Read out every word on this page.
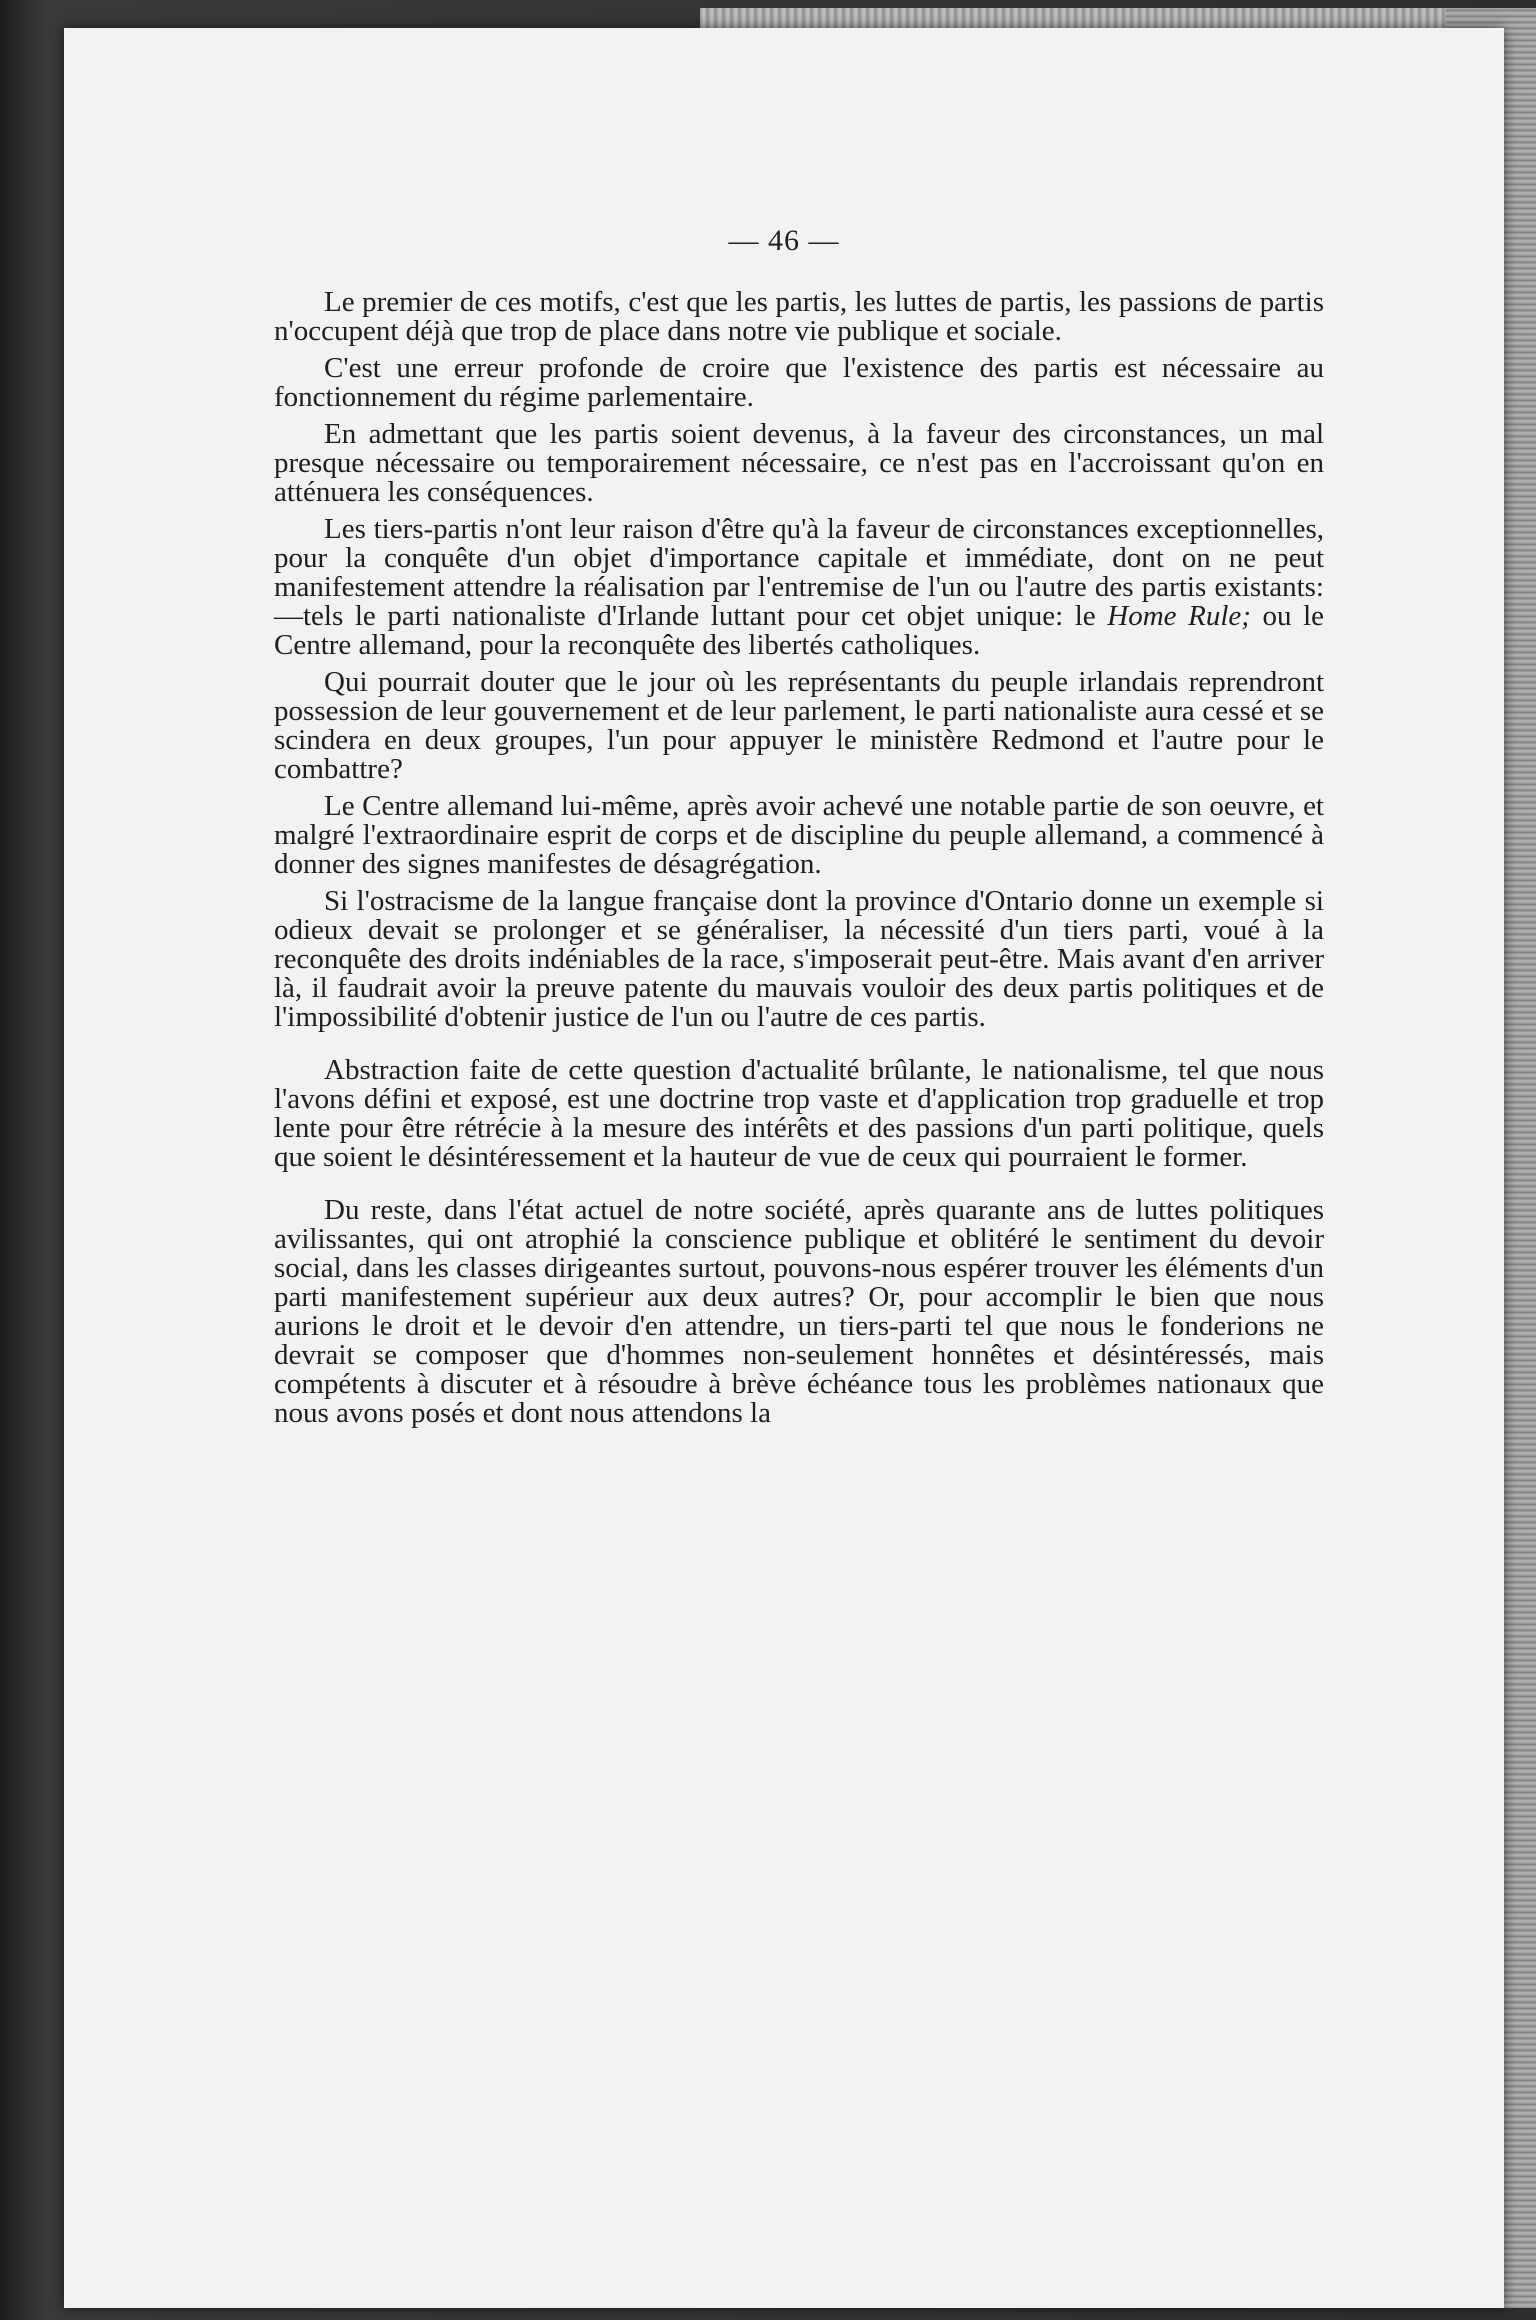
— 46 —

Le premier de ces motifs, c'est que les partis, les luttes de partis, les passions de partis n'occupent déjà que trop de place dans notre vie publique et sociale.

C'est une erreur profonde de croire que l'existence des partis est nécessaire au fonctionnement du régime parlementaire.

En admettant que les partis soient devenus, à la faveur des circonstances, un mal presque nécessaire ou temporairement nécessaire, ce n'est pas en l'accroissant qu'on en atténuera les conséquences.

Les tiers-partis n'ont leur raison d'être qu'à la faveur de circonstances exceptionnelles, pour la conquête d'un objet d'importance capitale et immédiate, dont on ne peut manifestement attendre la réalisation par l'entremise de l'un ou l'autre des partis existants: —tels le parti nationaliste d'Irlande luttant pour cet objet unique: le Home Rule; ou le Centre allemand, pour la reconquête des libertés catholiques.

Qui pourrait douter que le jour où les représentants du peuple irlandais reprendront possession de leur gouvernement et de leur parlement, le parti nationaliste aura cessé et se scindera en deux groupes, l'un pour appuyer le ministère Redmond et l'autre pour le combattre?

Le Centre allemand lui-même, après avoir achevé une notable partie de son oeuvre, et malgré l'extraordinaire esprit de corps et de discipline du peuple allemand, a commencé à donner des signes manifestes de désagrégation.

Si l'ostracisme de la langue française dont la province d'Ontario donne un exemple si odieux devait se prolonger et se généraliser, la nécessité d'un tiers parti, voué à la reconquête des droits indéniables de la race, s'imposerait peut-être. Mais avant d'en arriver là, il faudrait avoir la preuve patente du mauvais vouloir des deux partis politiques et de l'impossibilité d'obtenir justice de l'un ou l'autre de ces partis.

Abstraction faite de cette question d'actualité brûlante, le nationalisme, tel que nous l'avons défini et exposé, est une doctrine trop vaste et d'application trop graduelle et trop lente pour être rétrécie à la mesure des intérêts et des passions d'un parti politique, quels que soient le désintéressement et la hauteur de vue de ceux qui pourraient le former.

Du reste, dans l'état actuel de notre société, après quarante ans de luttes politiques avilissantes, qui ont atrophié la conscience publique et oblitéré le sentiment du devoir social, dans les classes dirigeantes surtout, pouvons-nous espérer trouver les éléments d'un parti manifestement supérieur aux deux autres? Or, pour accomplir le bien que nous aurions le droit et le devoir d'en attendre, un tiers-parti tel que nous le fonderions ne devrait se composer que d'hommes non-seulement honnêtes et désintéressés, mais compétents à discuter et à résoudre à brève échéance tous les problèmes nationaux que nous avons posés et dont nous attendons la
